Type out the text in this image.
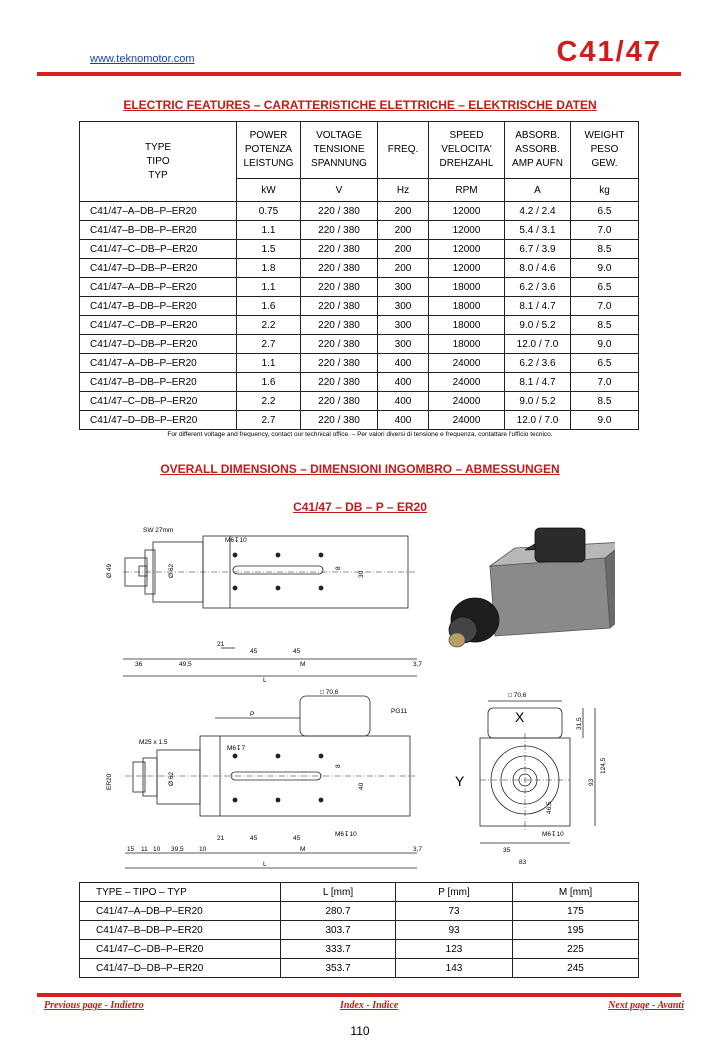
www.teknomotor.com	C41/47
ELECTRIC FEATURES – CARATTERISTICHE ELETTRICHE – ELEKTRISCHE DATEN
TYPE
TIPO
TYP	POWER
POTENZA
LEISTUNG	VOLTAGE
TENSIONE
SPANNUNG	FREQ.	SPEED
VELOCITA'
DREHZAHL	ABSORB.
ASSORB.
AMP AUFN	WEIGHT
PESO
GEW.
	kW	V	Hz	RPM	A	kg
C41/47–A–DB–P–ER20	0.75	220 / 380	200	12000	4.2 / 2.4	6.5
C41/47–B–DB–P–ER20	1.1	220 / 380	200	12000	5.4 / 3.1	7.0
C41/47–C–DB–P–ER20	1.5	220 / 380	200	12000	6.7 / 3.9	8.5
C41/47–D–DB–P–ER20	1.8	220 / 380	200	12000	8.0 / 4.6	9.0
C41/47–A–DB–P–ER20	1.1	220 / 380	300	18000	6.2 / 3.6	6.5
C41/47–B–DB–P–ER20	1.6	220 / 380	300	18000	8.1 / 4.7	7.0
C41/47–C–DB–P–ER20	2.2	220 / 380	300	18000	9.0 / 5.2	8.5
C41/47–D–DB–P–ER20	2.7	220 / 380	300	18000	12.0 / 7.0	9.0
C41/47–A–DB–P–ER20	1.1	220 / 380	400	24000	6.2 / 3.6	6.5
C41/47–B–DB–P–ER20	1.6	220 / 380	400	24000	8.1 / 4.7	7.0
C41/47–C–DB–P–ER20	2.2	220 / 380	400	24000	9.0 / 5.2	8.5
C41/47–D–DB–P–ER20	2.7	220 / 380	400	24000	12.0 / 7.0	9.0
For different voltage and frequency, contact our technical office. – Per valori diversi di tensione e frequenza, contattare l'ufficio tecnico.
OVERALL DIMENSIONS – DIMENSIONI INGOMBRO – ABMESSUNGEN
C41/47 – DB – P – ER20
SW 27mm
M6↧10
Ø 49	Ø 62	30
8
21
45	45
36	49,5	M	3,7
L
□ 70,6
P	PG11
M25 x 1.5
M6↧7
ER20	Ø 62
8
40
M6↧10
21	45	45
15 11 10 39,5 10	M	3,7
L
□ 70,6
X
Y
31,5
124,5
93
46,5
M6↧10
35
83
TYPE – TIPO – TYP	L [mm]	P [mm]	M [mm]
C41/47–A–DB–P–ER20	280.7	73	175
C41/47–B–DB–P–ER20	303.7	93	195
C41/47–C–DB–P–ER20	333.7	123	225
C41/47–D–DB–P–ER20	353.7	143	245
Previous page - Indietro	Index - Indice	Next page - Avanti
110
